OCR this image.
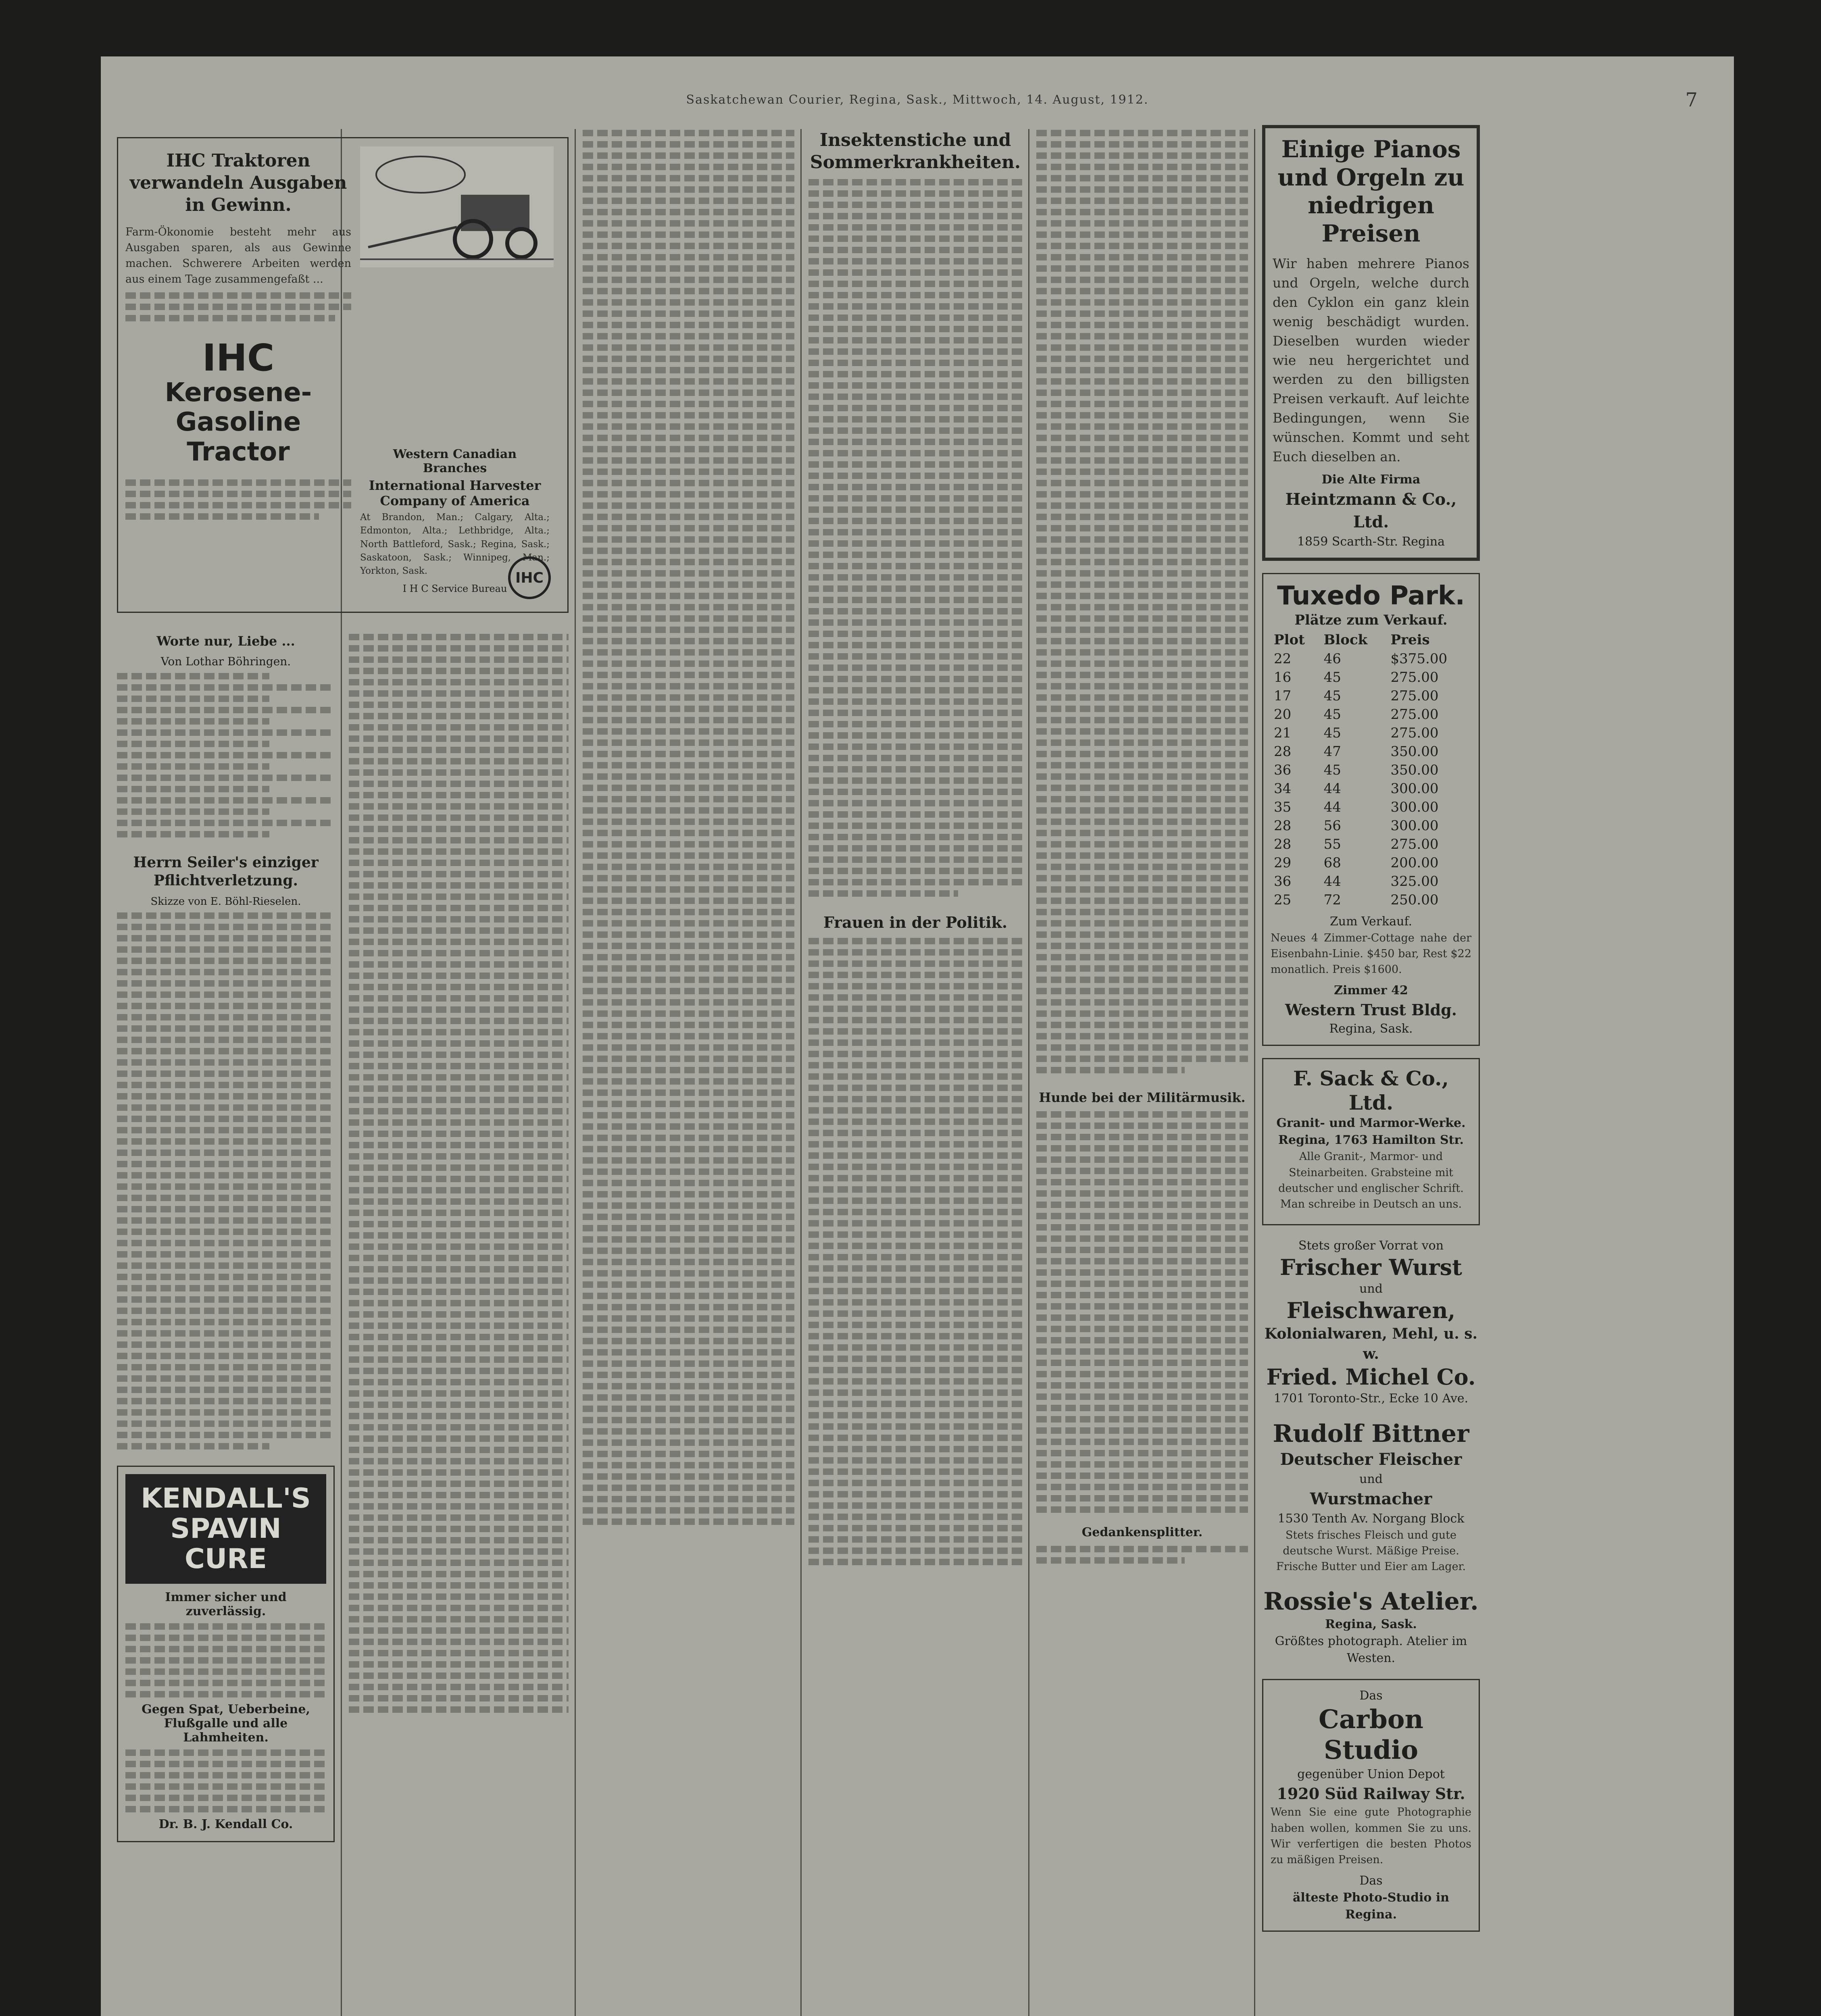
Saskatchewan Courier, Regina, Sask., Mittwoch, 14. August, 1912.	7
IHC Traktoren verwandeln Ausgaben in Gewinn.

Farm-Ökonomie besteht mehr aus Ausgaben sparen, als aus Gewinne machen. Schwerere Arbeiten werden aus einem Tage zusammengefaßt ...

IHC
Kerosene-Gasoline Tractor	Western Canadian Branches
International Harvester Company of America

At Brandon, Man.; Calgary, Alta.; Edmonton, Alta.; Lethbridge, Alta.; North Battleford, Sask.; Regina, Sask.; Saskatoon, Sask.; Winnipeg, Man.; Yorkton, Sask.

I H C Service Bureau
IHC
Worte nur, Liebe ...
Von Lothar Böhringen.
Herrn Seiler's einziger Pflichtverletzung.
Skizze von E. Böhl-Rieselen.
KENDALL'S SPAVIN CURE
Immer sicher und zuverlässig.
Gegen Spat, Ueberbeine, Flußgalle und alle Lahmheiten.
Dr. B. J. Kendall Co.
Insektenstiche und Sommerkrankheiten.
Frauen in der Politik.
Hunde bei der Militärmusik.
Gedankensplitter.
Einige Pianos und Orgeln zu niedrigen Preisen

Wir haben mehrere Pianos und Orgeln, welche durch den Cyklon ein ganz klein wenig beschädigt wurden. Dieselben wurden wieder wie neu hergerichtet und werden zu den billigsten Preisen verkauft. Auf leichte Bedingungen, wenn Sie wünschen. Kommt und seht Euch dieselben an.

Die Alte Firma
Heintzmann & Co., Ltd.
1859 Scarth-Str. Regina
Tuxedo Park.
Plätze zum Verkauf.
Plot	Block	Preis
22	46	$375.00
16	45	275.00
17	45	275.00
20	45	275.00
21	45	275.00
28	47	350.00
36	45	350.00
34	44	300.00
35	44	300.00
28	56	300.00
28	55	275.00
29	68	200.00
36	44	325.00
25	72	250.00
Zum Verkauf.

Neues 4 Zimmer-Cottage nahe der Eisenbahn-Linie. $450 bar, Rest $22 monatlich. Preis $1600.

Zimmer 42
Western Trust Bldg.
Regina, Sask.
F. Sack & Co., Ltd.
Granit- und Marmor-Werke.
Regina, 1763 Hamilton Str.

Alle Granit-, Marmor- und Steinarbeiten. Grabsteine mit deutscher und englischer Schrift. Man schreibe in Deutsch an uns.

Stets großer Vorrat von
Frischer Wurst
und
Fleischwaren,
Kolonialwaren, Mehl, u. s. w.
Fried. Michel Co.
1701 Toronto-Str., Ecke 10 Ave.
Rudolf Bittner
Deutscher Fleischer
und
Wurstmacher
1530 Tenth Av. Norgang Block

Stets frisches Fleisch und gute deutsche Wurst. Mäßige Preise. Frische Butter und Eier am Lager.

Rossie's Atelier.
Regina, Sask.
Größtes photograph. Atelier im Westen.
Das
Carbon Studio
gegenüber Union Depot
1920 Süd Railway Str.

Wenn Sie eine gute Photographie haben wollen, kommen Sie zu uns. Wir verfertigen die besten Photos zu mäßigen Preisen.

Das
älteste Photo-Studio in Regina.
